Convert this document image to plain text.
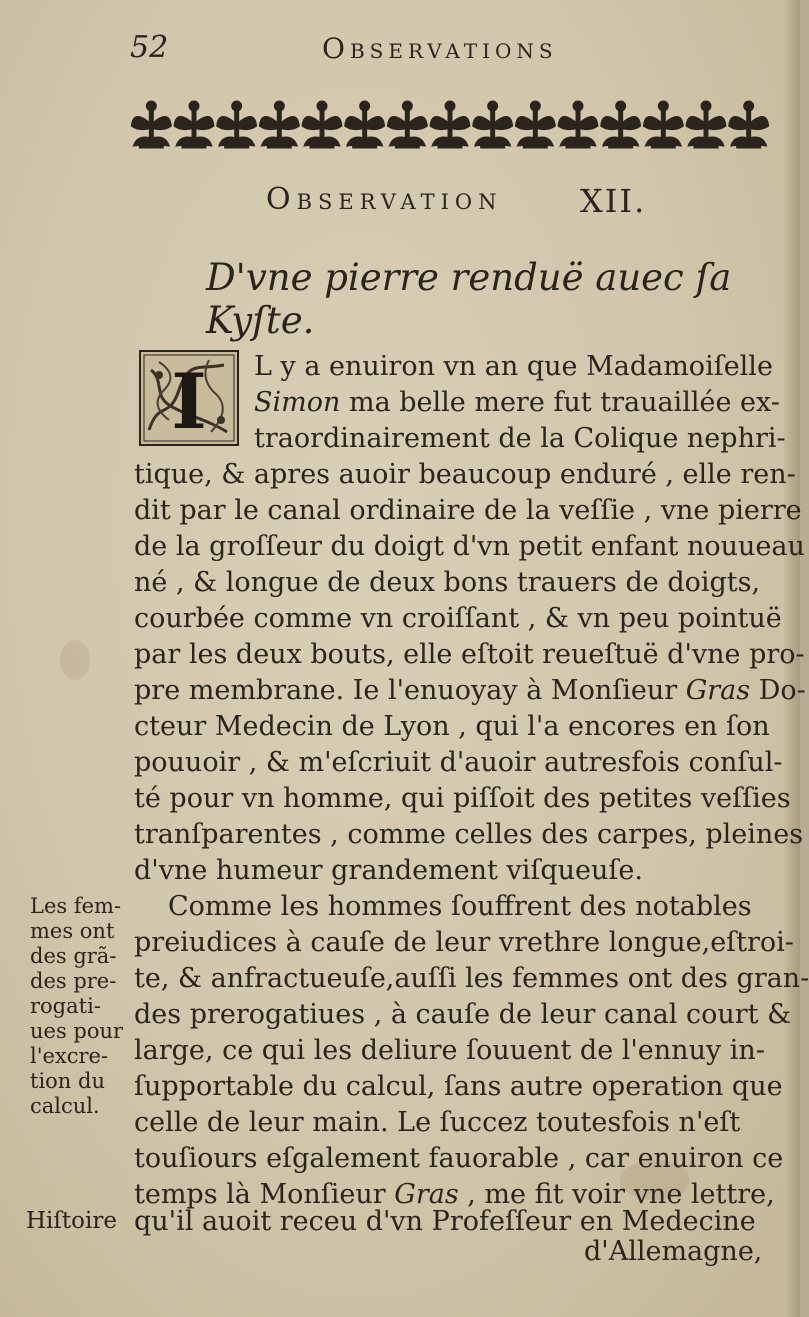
52	Observations
Observation XII.
D'vne pierre renduë auec ſa Kyſte.
I L y a enuiron vn an que Madamoiſelle
Simon ma belle mere fut trauaillée ex-
traordinairement de la Colique nephri-
tique, & apres auoir beaucoup enduré , elle ren-
dit par le canal ordinaire de la veſſie , vne pierre
de la groſſeur du doigt d'vn petit enfant nouueau
né , & longue de deux bons trauers de doigts,
courbée comme vn croiſſant , & vn peu pointuë
par les deux bouts, elle eſtoit reueſtuë d'vne pro-
pre membrane. Ie l'enuoyay à Monſieur Gras Do-
cteur Medecin de Lyon , qui l'a encores en ſon
pouuoir , & m'eſcriuit d'auoir autresfois conſul-
té pour vn homme, qui piſſoit des petites veſſies
tranſparentes , comme celles des carpes, pleines
d'vne humeur grandement viſqueuſe.
Comme les hommes ſouffrent des notables
preiudices à cauſe de leur vrethre longue,eſtroi-
te, & anfractueuſe,auſſi les femmes ont des gran-
des prerogatiues , à cauſe de leur canal court &
large, ce qui les deliure ſouuent de l'ennuy in-
ſupportable du calcul, ſans autre operation que
celle de leur main. Le ſuccez toutesfois n'eſt
touſiours eſgalement fauorable , car enuiron ce
temps là Monſieur Gras , me fit voir vne lettre,
qu'il auoit receu d'vn Profeſſeur en Medecine
d'Allemagne,
Les fem-
mes ont
des grã-
des pre-
rogati-
ues pour
l'excre-
tion du
calcul.
Hiſtoire
